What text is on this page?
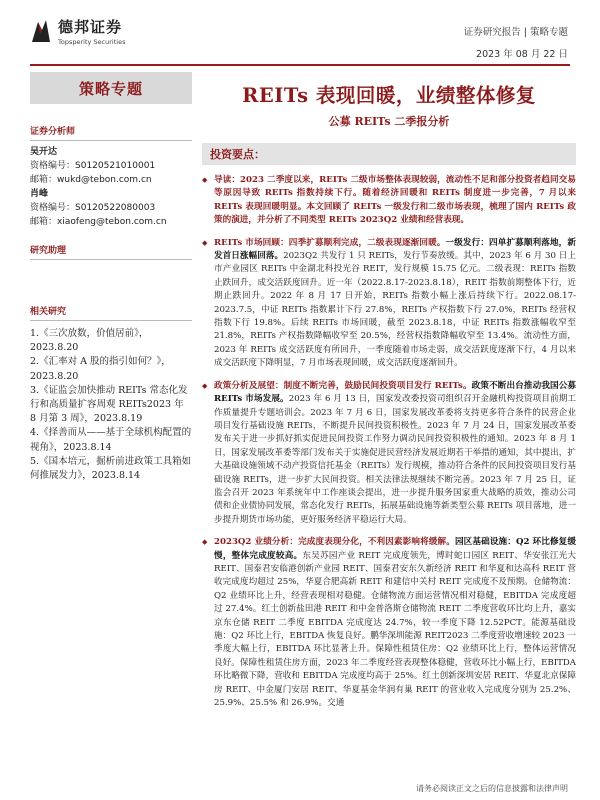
德邦证券
Topsperity Securities
证券研究报告 | 策略专题
2023 年 08 月 22 日
策略专题
证券分析师
吴开达
资格编号：S0120521010001
邮箱：wukd@tebon.com.cn
肖峰
资格编号：S0120522080003
邮箱：xiaofeng@tebon.com.cn
研究助理
相关研究
1.《三次放数，价值居前》，2023.8.20
2.《汇率对 A 股的指引如何？》，2023.8.20
3.《证监会加快推动 REITs 常态化发行和高质量扩容周观 REITs2023 年 8 月第 3 周》，2023.8.19
4.《择善而从——基于全球机构配置的视角》，2023.8.14
5.《国本培元，掘析前进政策工具箱如何推展发力》，2023.8.14
REITs 表现回暖，业绩整体修复
公募 REITs 二季报分析
投资要点：
◆ 导读：2023 二季度以来，REITs 二级市场整体表现较弱，流动性不足和部分投资者趋同交易等原因导致 REITs 指数持续下行。随着经济回暖和 REITs 制度进一步完善，7 月以来 REITs 表现回暖明显。本文回顾了 REITs 一级发行和二级市场表现，梳理了国内 REITs 政策的演进，并分析了不同类型 REITs 2023Q2 业绩和经营表现。
◆ REITs 市场回顾：四季扩募顺利完成，二级表现逐渐回暖。一级发行：四单扩募顺利落地，新发首日涨幅回落。2023Q2 共发行 1 只 REITs，发行节奏放缓。其中，2023 年 6 月 30 日上市产业园区 REITs 中金湖北科投光谷 REIT，发行规模 15.75 亿元。二级表现：REITs 指数止跌回升，成交活跃度回升。近一年（2022.8.17-2023.8.18），REIT 指数前期整体下行，近期止跌回升。2022 年 8 月 17 日开始，REITs 指数小幅上涨后持续下行。2022.08.17-2023.7.5，中证 REITs 指数累计下行 27.8%，REITs 产权指数下行 27.0%，REITs 经营权指数下行 19.8%。后续 REITs 市场回暖，截至 2023.8.18，中证 REITs 指数涨幅收窄至 21.8%，REITs 产权指数降幅收窄至 20.5%，经营权指数降幅收窄至 13.4%。流动性方面，2023 年 REITs 成交活跃度有所回升，一季度随着市场走弱，成交活跃度逐渐下行，4 月以来成交活跃度下降明显，7 月市场表现回暖，成交活跃度逐渐回升。
◆ 政策分析及展望：制度不断完善，鼓励民间投资项目发行 REITs。政策不断出台推动我国公募 REITs 市场发展。2023 年 6 月 13 日，国家发改委投资司组织召开金融机构投资项目前期工作质量提升专题培训会。2023 年 7 月 6 日，国家发展改革委将支持更多符合条件的民营企业项目发行基础设施 REITs，不断提升民间投资积极性。2023 年 7 月 24 日，国家发展改革委发布关于进一步抓好抓实促进民间投资工作努力调动民间投资积极性的通知。2023 年 8 月 1 日，国家发展改革委等部门发布关于实施促进民营经济发展近期若干举措的通知，其中提出，扩大基础设施领域不动产投资信托基金（REITs）发行规模，推动符合条件的民间投资项目发行基础设施 REITs，进一步扩大民间投资。相关法律法规继续不断完善。2023 年 7 月 25 日，证监会召开 2023 年系统年中工作座谈会提出，进一步提升服务国家重大战略的质效，推动公司债和企业债协同发展，常态化发行 REITs，拓展基础设施等新类型公募 REITs 项目落地，进一步提升期货市场功能，更好服务经济平稳运行大局。
◆ 2023Q2 业绩分析：完成度表现分化，不利因素影响将缓解。园区基础设施：Q2 环比修复缓慢，整体完成度较高。东吴苏园产业 REIT 完成度领先，博时蛇口园区 REIT、华安张江光大 REIT、国泰君安临港创新产业园 REIT、国泰君安东久新经济 REIT 和华夏和达高科 REIT 营收完成度均超过 25%，华夏合肥高新 REIT 和建信中关村 REIT 完成度不及预期。仓储物流：Q2 业绩环比上升，经营表现相对稳健。仓储物流方面运营情况相对稳健，EBITDA 完成度超过 27.4%。红土创新盐田港 REIT 和中金普洛斯仓储物流 REIT 二季度营收环比均上升，嘉实京东仓储 REIT 二季度 EBITDA 完成度达 24.7%，较一季度下降 12.52PCT。能源基础设施：Q2 环比上行，EBITDA 恢复良好。鹏华深圳能源 REIT2023 二季度营收增速较 2023 一季度大幅上行，EBITDA 环比显著上升。保障性租赁住房：Q2 业绩环比上行，整体运营情况良好。保障性租赁住房方面，2023 年二季度经营表现整体稳健，营收环比小幅上行，EBITDA 环比略微下降，营收和 EBITDA 完成度均高于 25%。红土创新深圳安居 REIT、华夏北京保障房 REIT、中金厦门安居 REIT、华夏基金华润有巢 REIT 的营业收入完成度分别为 25.2%、25.9%、25.5% 和 26.9%。交通
请务必阅读正文之后的信息披露和法律声明
